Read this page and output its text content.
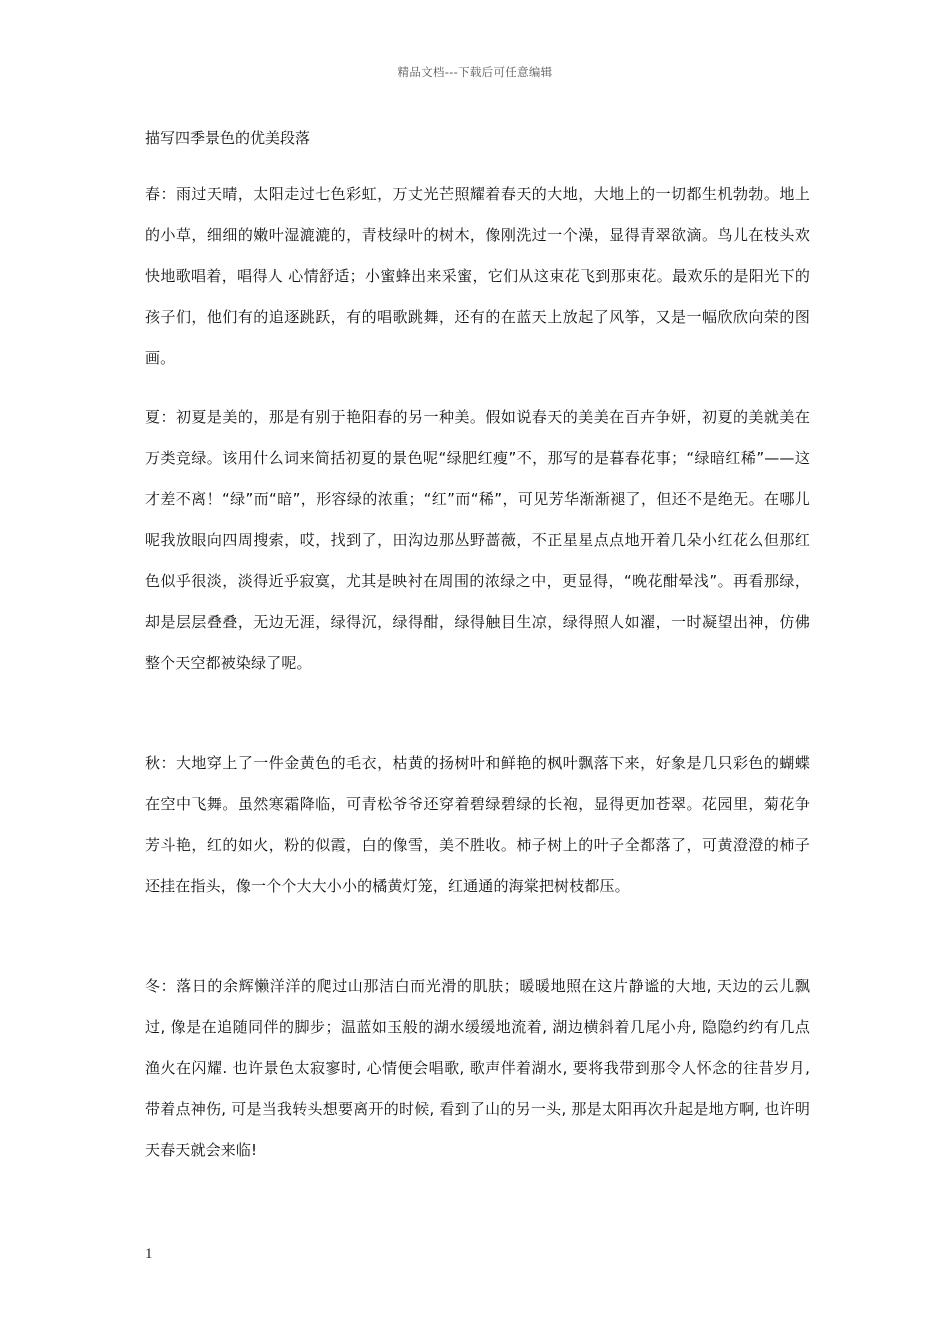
精品文档---下载后可任意编辑
描写四季景色的优美段落

春：雨过天晴，太阳走过七色彩虹，万丈光芒照耀着春天的大地，大地上的一切都生机勃勃。地上的小草，细细的嫩叶湿漉漉的，青枝绿叶的树木，像刚洗过一个澡，显得青翠欲滴。鸟儿在枝头欢快地歌唱着，唱得人 心情舒适；小蜜蜂出来采蜜，它们从这束花飞到那束花。最欢乐的是阳光下的孩子们，他们有的追逐跳跃，有的唱歌跳舞，还有的在蓝天上放起了风筝，又是一幅欣欣向荣的图画。

夏：初夏是美的，那是有别于艳阳春的另一种美。假如说春天的美美在百卉争妍，初夏的美就美在万类竞绿。该用什么词来简括初夏的景色呢“绿肥红瘦”不，那写的是暮春花事；“绿暗红稀”——这才差不离！“绿”而“暗”，形容绿的浓重；“红”而“稀”，可见芳华渐渐褪了，但还不是绝无。在哪儿呢我放眼向四周搜索，哎，找到了，田沟边那丛野蔷薇，不正星星点点地开着几朵小红花么但那红色似乎很淡，淡得近乎寂寞，尤其是映衬在周围的浓绿之中，更显得，“晚花酣晕浅”。再看那绿，却是层层叠叠，无边无涯，绿得沉，绿得酣，绿得触目生凉，绿得照人如濯，一时凝望出神，仿佛整个天空都被染绿了呢。

秋：大地穿上了一件金黄色的毛衣，枯黄的扬树叶和鲜艳的枫叶飘落下来，好象是几只彩色的蝴蝶在空中飞舞。虽然寒霜降临，可青松爷爷还穿着碧绿碧绿的长袍，显得更加苍翠。花园里，菊花争芳斗艳，红的如火，粉的似霞，白的像雪，美不胜收。柿子树上的叶子全都落了，可黄澄澄的柿子还挂在指头，像一个个大大小小的橘黄灯笼，红通通的海棠把树枝都压。

冬：落日的余辉懒洋洋的爬过山那洁白而光滑的肌肤；暖暖地照在这片静谧的大地, 天边的云儿飘过, 像是在追随同伴的脚步；温蓝如玉般的湖水缓缓地流着, 湖边横斜着几尾小舟, 隐隐约约有几点渔火在闪耀. 也许景色太寂寥时, 心情便会唱歌, 歌声伴着湖水, 要将我带到那令人怀念的往昔岁月, 带着点神伤, 可是当我转头想要离开的时候, 看到了山的另一头, 那是太阳再次升起是地方啊, 也许明天春天就会来临!

1
